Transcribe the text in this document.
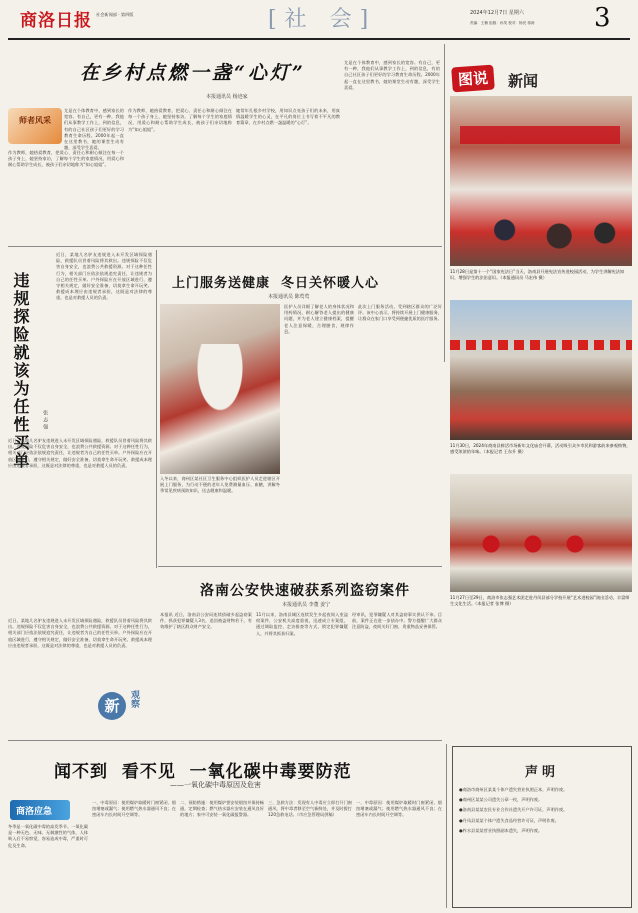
商洛日报 社会新闻部 · 第四版	[社 会]	2024年12月7日 星期六
责编：王楠 组版：孙茂 校对：杨亮 蒋涛	3
在乡村点燃一盏“心灯”
本报通讯员 杨迹家
师者风采
尤是在个体教育中，感到家长的宽容。有自己，更有一种，我他们从事教学工作上，到的信息，有的自己社区孩子们更好的学习教育生命历程。2000年起一直在这里教书，她的课堂生动有趣，深受学生喜爱。
作为教师，她热爱教育，把爱心、责任心和耐心倾注在每一个孩子身上，她坚持家访，了解每个学生的家庭情况，用爱心和耐心帮助学生成长，被孩子们亲切地称为“知心姐姐”。
作为教师，她热爱教育，把爱心、责任心和耐心倾注在每一个孩子身上，她坚持家访，了解每个学生的家庭情况，用爱心和耐心帮助学生成长，被孩子们亲切地称为“知心姐姐”。
她常年扎根乡村学校，用知识点亮孩子们的未来，用真情温暖学生的心灵，在平凡的岗位上书写着不平凡的教育篇章，在乡村点燃一盏温暖的“心灯”。
尤是在个体教育中，感到家长的宽容。有自己，更有一种，我他们从事教学工作上，到的信息，有的自己社区孩子们更好的学习教育生命历程。2000年起一直在这里教书，她的课堂生动有趣，深受学生喜爱。	图说	新闻
11月28日是第十一个“国家宪法日”当天，洛南县开展宪法宣传进校园活动，为学生讲解宪法知识，增强学生的法治意识。（本报通讯员 马宏伟 摄）
11月30日，2024年商南县鲜活市场新年文化庙会开幕，活动吸引众多市民和游客前来参观购物，感受浓浓的年味。（本报记者 王东升 摄）
11月27日至29日，商洛市张志强艺术团走进丹凤县部分学校开展“艺术进校园”演出活动，丰富师生文化生活。（本报记者 张博 摄）
违规探险就该为任性买单 张志强
近日，某地几名驴友违规进入未开发区域探险遇险，救援队员冒着风险将其救出。违规探险不仅危害自身安全，也浪费公共救援资源。对于这种任性行为，相关部门应依法依规追究责任，让违规者为自己的任性买单。户外探险应在开放区域进行，遵守相关规定，做好安全准备，切莫拿生命开玩笑。救援成本理应由违规者承担，这既是对法律的尊重，也是对救援人员的负责。
近日，某地几名驴友违规进入未开发区域探险遇险，救援队员冒着风险将其救出。违规探险不仅危害自身安全，也浪费公共救援资源。对于这种任性行为，相关部门应依法依规追究责任，让违规者为自己的任性买单。户外探险应在开放区域进行，遵守相关规定，做好安全准备，切莫拿生命开玩笑。救援成本理应由违规者承担，这既是对法律的尊重，也是对救援人员的负责。
近日，某地几名驴友违规进入未开发区域探险遇险，救援队员冒着风险将其救出。违规探险不仅危害自身安全，也浪费公共救援资源。对于这种任性行为，相关部门应依法依规追究责任，让违规者为自己的任性买单。户外探险应在开放区域进行，遵守相关规定，做好安全准备，切莫拿生命开玩笑。救援成本理应由违规者承担，这既是对法律的尊重，也是对救援人员的负责。
新	观察
上门服务送健康  冬日关怀暖人心
本报通讯员 陈莺莺
入冬以来，商州区某社区卫生服务中心组织医护人员走进辖区开展上门服务，为行动不便的老年人免费测量血压、血糖，讲解冬季常见疾病预防知识，送去健康和温暖。
医护人员详细了解老人的身体状况和用药情况，耐心解答老人提出的健康问题，并为老人建立健康档案，提醒老人注意保暖，合理膳食，规律作息。
此次上门服务活动，受到辖区群众的广泛好评。该中心表示，将持续开展上门健康服务，让群众在家门口享受到便捷优质的医疗服务。
洛南公安快速破获系列盗窃案件
本报通讯员 李董 姜宁
本报讯 近日，洛南县公安局连续侦破多起盗窃案件，抓获犯罪嫌疑人3名，追回被盗财物若干，有效维护了辖区群众财产安全。
11月以来，洛南县城区连续发生多起夜间入室盗窃案件，公安机关高度重视，迅速成立专案组，通过调取监控、走访排查等方式，锁定犯罪嫌疑人，并将其抓获归案。
经审讯，犯罪嫌疑人对其盗窃事实供认不讳。目前，案件正在进一步侦办中。警方提醒广大群众注意防盗，夜间关好门窗，贵重物品妥善保管。
闻不到  看不见  一氧化碳中毒要防范
——一氧化碳中毒原因及危害
商洛应急
冬季是一氧化碳中毒的高发季节。一氧化碳是一种无色、无味、无刺激性的气体，人体吸入后不易察觉，容易造成中毒，严重时可危及生命。
一、中毒原因：使用煤炉取暖时门窗紧闭、烟囱堵塞或漏气；使用燃气热水器通风不良；在密闭车内长时间开空调等。
二、预防措施：使用煤炉要安装烟囱并保持畅通，定期检查；燃气热水器应安装在通风良好的地方；家中可安装一氧化碳报警器。
三、急救方法：发现有人中毒应立即打开门窗通风，将中毒者移至空气新鲜处，并及时拨打120急救电话。（市应急管理局供稿）
一、中毒原因：使用煤炉取暖时门窗紧闭、烟囱堵塞或漏气；使用燃气热水器通风不良；在密闭车内长时间开空调等。
声明
●商洛市商州区某某个体户遗失营业执照正本，声明作废。
●商州区某某公司遗失公章一枚，声明作废。
●洛南县某某农民专业合作社遗失开户许可证，声明作废。
●丹凤县某某个体户遗失食品经营许可证，声明作废。
●柞水县某某营业执照副本遗失，声明作废。
